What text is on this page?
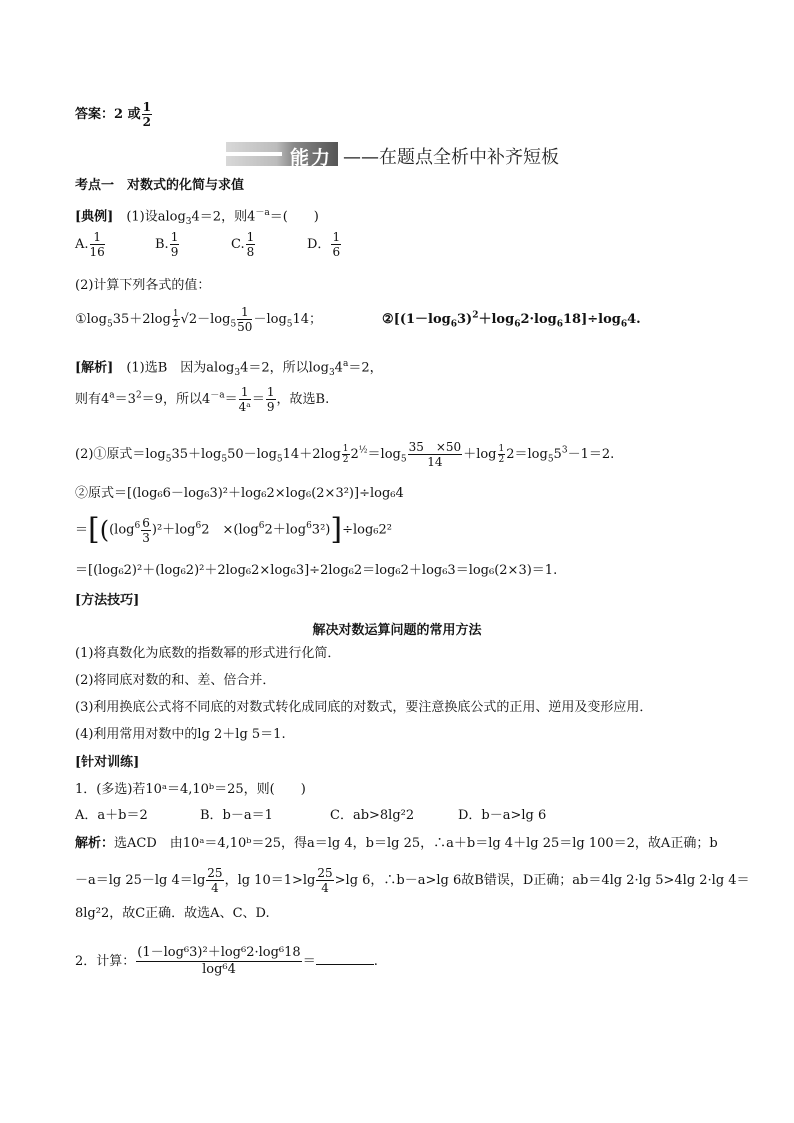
答案：2 或 $\frac{1}{2}$
能力 ——在题点全析中补齐短板
考点一　对数式的化简与求值
[典例]　(1)设alog$_3$4＝2，则$4^{-a}=$(　　)
A. $\frac{1}{16}$	B. $\frac{1}{9}$	C. $\frac{1}{8}$	D． $\frac{1}{6}$
(2)计算下列各式的值：
$①\log_535+2\log \frac{1}{2} √2-\log_5 \frac{1}{50} -\log_514$；	$②[(1-\log_63)^2+\log_62\cdot\log_618]\div\log_64$.
[解析]　(1)选B　因为alog$_3$4＝2，所以$\log_34^a=2$，
则有$4^a=3^2=9$，所以$4^{-a}= \frac{1}{\text{4ᵃ}} = \frac{1}{9}$ ，故选B.
(2)①原式$=\log_535+\log_550-\log_514+2\log \frac{1}{2} 2^{\frac{1}{2}}=\log_5 \frac{35 \times 50}{14} +\log \frac{1}{2} 2=\log_55^3-1=2$.
②原式＝[(log₆6－log₆3)²＋log₆2×log₆(2×3²)]÷log₆4
$=[((\log^6 \frac{6}{3} )^2+\log^62$　$\times(\log^62+\log^63^2)]\div\log_62^2$
＝[(log₆2)²＋(log₆2)²＋2log₆2×log₆3]÷2log₆2＝log₆2＋log₆3＝log₆(2×3)＝1.
[方法技巧]
解决对数运算问题的常用方法
(1)将真数化为底数的指数幂的形式进行化简．
(2)将同底对数的和、差、倍合并．
(3)利用换底公式将不同底的对数式转化成同底的对数式，要注意换底公式的正用、逆用及变形应用．
(4)利用常用对数中的lg 2＋lg 5＝1.
[针对训练]
1．(多选)若10ᵃ＝4,10ᵇ＝25，则(　　)
A．a＋b＝2	B．b－a＝1	C．ab>8lg²2	D．b－a>lg 6
解析：选ACD　由10ᵃ＝4,10ᵇ＝25，得a＝lg 4，b＝lg 25，∴a＋b＝lg 4＋lg 25＝lg 100＝2，故A正确；b
－a＝lg 25－lg $4=\lg \frac{25}{4}$ ，$\lg 10=1>\lg \frac{25}{4} >\lg$ 6，∴b－a>lg 6故B错误，D正确；ab＝4lg 2·lg 5>4lg 2·lg 4＝
8lg²2，故C正确．故选A、C、D.
2．计算： $\frac{\text{(1－log⁶3)²＋log⁶2·log⁶18}}{\text{log⁶4}}$ ＝	.
